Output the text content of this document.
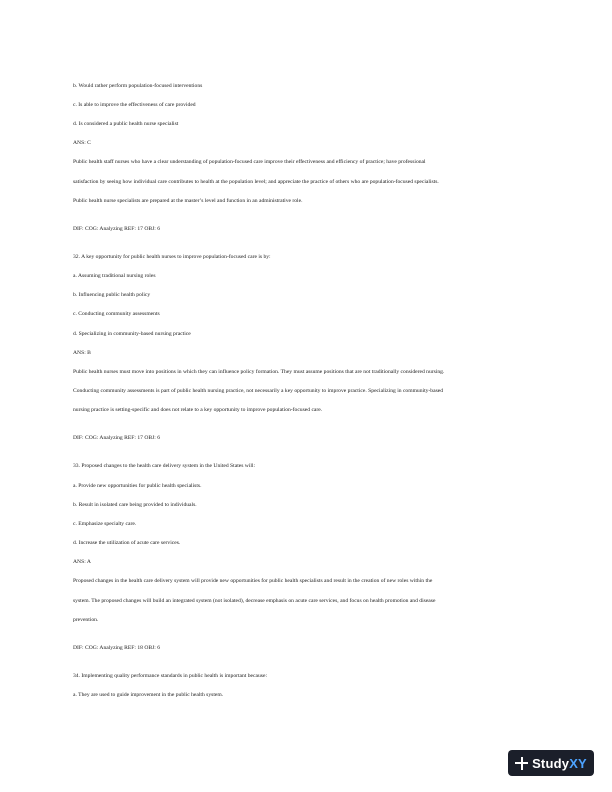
b. Would rather perform population-focused interventions
c. Is able to improve the effectiveness of care provided
d. Is considered a public health nurse specialist
ANS: C
Public health staff nurses who have a clear understanding of population-focused care improve their effectiveness and efficiency of practice; have professional
satisfaction by seeing how individual care contributes to health at the population level; and appreciate the practice of others who are population-focused specialists.
Public health nurse specialists are prepared at the master’s level and function in an administrative role.
DIF: COG: Analyzing REF: 17 OBJ: 6
32. A key opportunity for public health nurses to improve population-focused care is by:
a. Assuming traditional nursing roles
b. Influencing public health policy
c. Conducting community assessments
d. Specializing in community-based nursing practice
ANS: B
Public health nurses must move into positions in which they can influence policy formation. They must assume positions that are not traditionally considered nursing.
Conducting community assessments is part of public health nursing practice, not necessarily a key opportunity to improve practice. Specializing in community-based
nursing practice is setting-specific and does not relate to a key opportunity to improve population-focused care.
DIF: COG: Analyzing REF: 17 OBJ: 6
33. Proposed changes to the health care delivery system in the United States will:
a. Provide new opportunities for public health specialists.
b. Result in isolated care being provided to individuals.
c. Emphasize specialty care.
d. Increase the utilization of acute care services.
ANS: A
Proposed changes in the health care delivery system will provide new opportunities for public health specialists and result in the creation of new roles within the
system. The proposed changes will build an integrated system (not isolated), decrease emphasis on acute care services, and focus on health promotion and disease
prevention.
DIF: COG: Analyzing REF: 18 OBJ: 6
34. Implementing quality performance standards in public health is important because:
a. They are used to guide improvement in the public health system.
StudyXY
